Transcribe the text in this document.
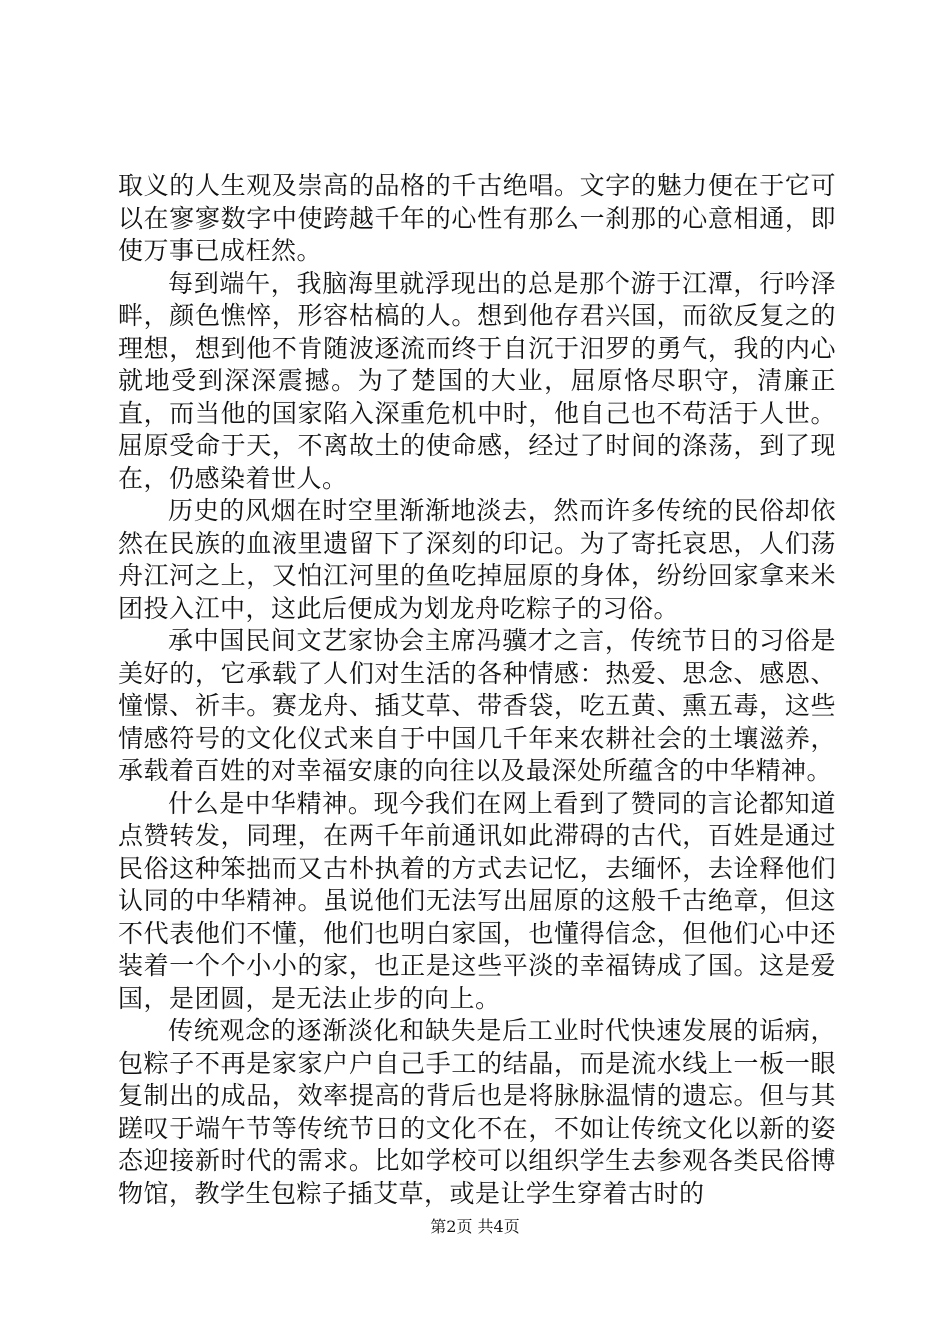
取义的人生观及崇高的品格的千古绝唱。文字的魅力便在于它可以在寥寥数字中使跨越千年的心性有那么一刹那的心意相通，即使万事已成枉然。

每到端午，我脑海里就浮现出的总是那个游于江潭，行吟泽畔，颜色憔悴，形容枯槁的人。想到他存君兴国，而欲反复之的理想，想到他不肯随波逐流而终于自沉于汨罗的勇气，我的内心就地受到深深震撼。为了楚国的大业，屈原恪尽职守，清廉正直，而当他的国家陷入深重危机中时，他自己也不苟活于人世。屈原受命于天，不离故土的使命感，经过了时间的涤荡，到了现在，仍感染着世人。

历史的风烟在时空里渐渐地淡去，然而许多传统的民俗却依然在民族的血液里遗留下了深刻的印记。为了寄托哀思，人们荡舟江河之上，又怕江河里的鱼吃掉屈原的身体，纷纷回家拿来米团投入江中，这此后便成为划龙舟吃粽子的习俗。

承中国民间文艺家协会主席冯骥才之言，传统节日的习俗是美好的，它承载了人们对生活的各种情感：热爱、思念、感恩、憧憬、祈丰。赛龙舟、插艾草、带香袋，吃五黄、熏五毒，这些情感符号的文化仪式来自于中国几千年来农耕社会的土壤滋养，承载着百姓的对幸福安康的向往以及最深处所蕴含的中华精神。

什么是中华精神。现今我们在网上看到了赞同的言论都知道点赞转发，同理，在两千年前通讯如此滞碍的古代，百姓是通过民俗这种笨拙而又古朴执着的方式去记忆，去缅怀，去诠释他们认同的中华精神。虽说他们无法写出屈原的这般千古绝章，但这不代表他们不懂，他们也明白家国，也懂得信念，但他们心中还装着一个个小小的家，也正是这些平淡的幸福铸成了国。这是爱国，是团圆，是无法止步的向上。

传统观念的逐渐淡化和缺失是后工业时代快速发展的诟病，包粽子不再是家家户户自己手工的结晶，而是流水线上一板一眼复制出的成品，效率提高的背后也是将脉脉温情的遗忘。但与其蹉叹于端午节等传统节日的文化不在，不如让传统文化以新的姿态迎接新时代的需求。比如学校可以组织学生去参观各类民俗博物馆，教学生包粽子插艾草，或是让学生穿着古时的

第2页 共4页
